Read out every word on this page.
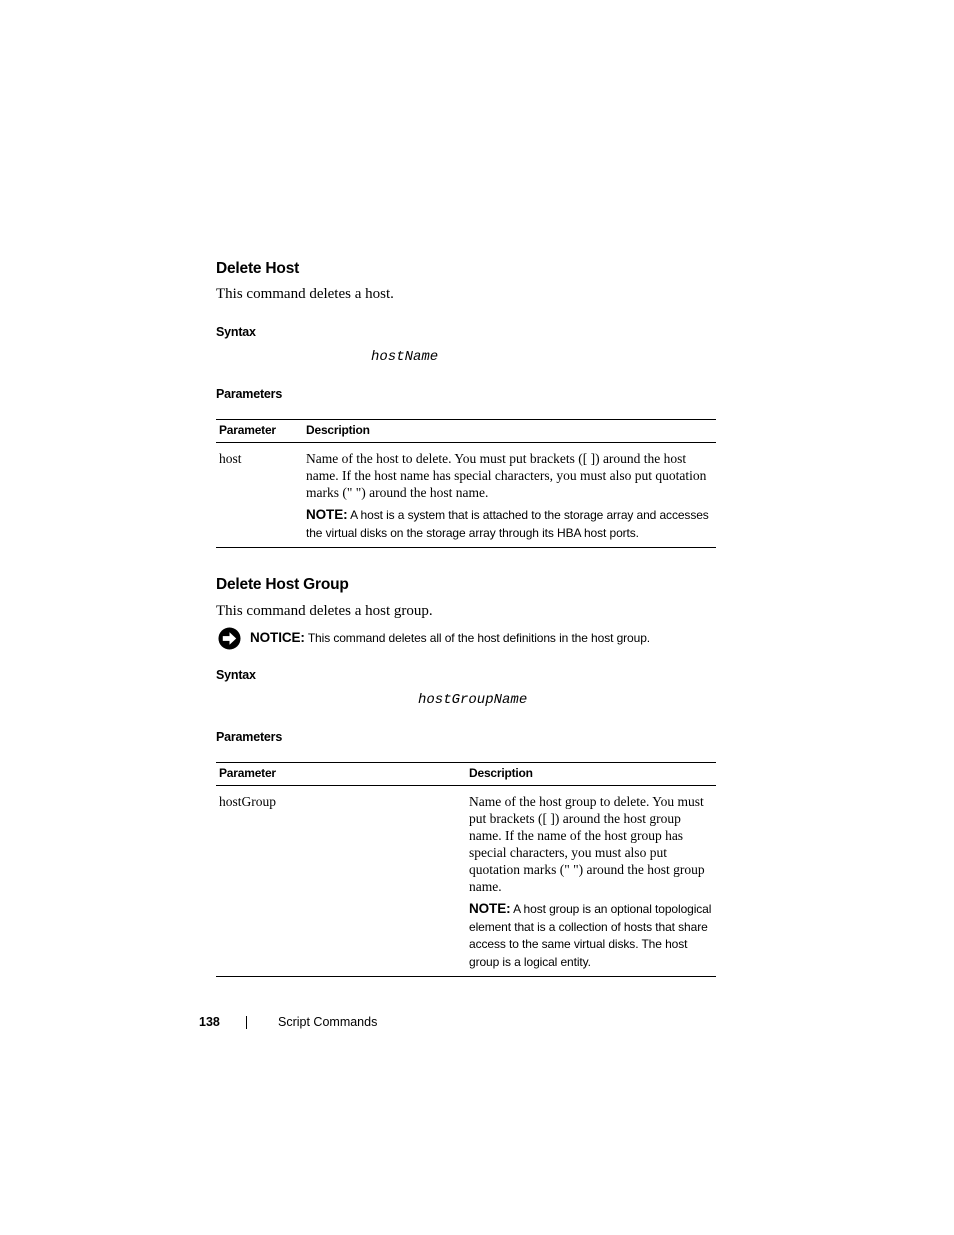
Delete Host

This command deletes a host.

Syntax

hostName

Parameters
Parameter	Description
host	Name of the host to delete. You must put brackets ([ ]) around the host name. If the host name has special characters, you must also put quotation marks (" ") around the host name.

NOTE: A host is a system that is attached to the storage array and accesses the virtual disks on the storage array through its HBA host ports.

Delete Host Group

This command deletes a host group.

NOTICE: This command deletes all of the host definitions in the host group.
Syntax

hostGroupName

Parameters
Parameter	Description
hostGroup	Name of the host group to delete. You must put brackets ([ ]) around the host group name. If the name of the host group has special characters, you must also put quotation marks (" ") around the host group name.

NOTE: A host group is an optional topological element that is a collection of hosts that share access to the same virtual disks. The host group is a logical entity.

138	Script Commands
